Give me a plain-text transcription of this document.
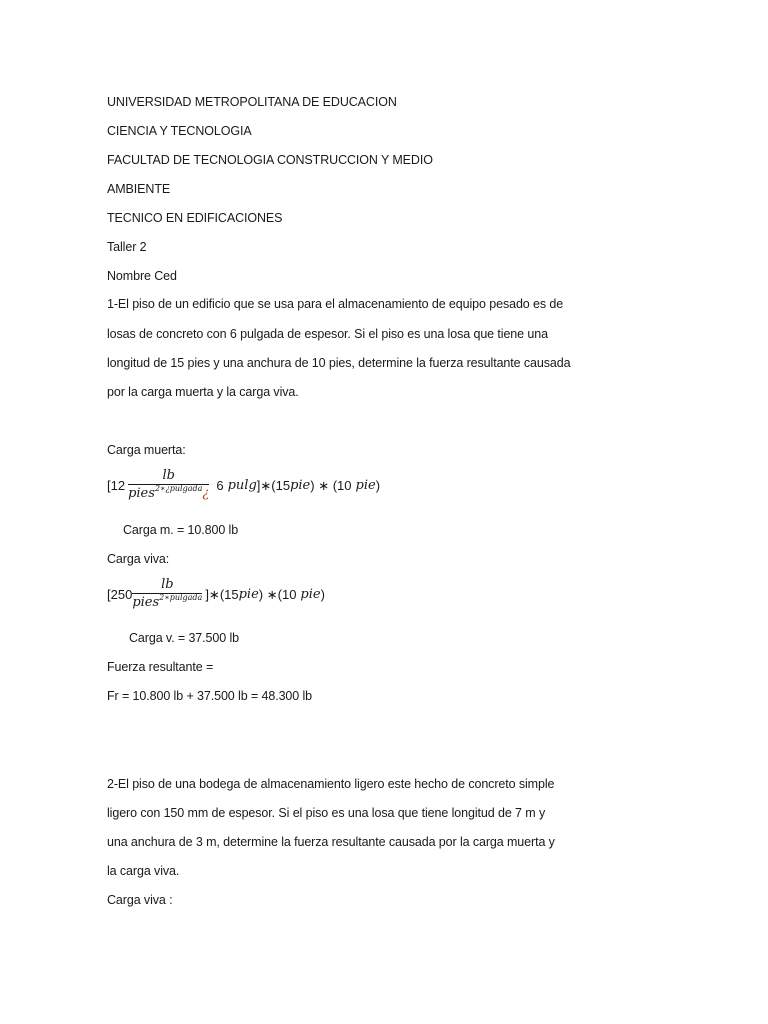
UNIVERSIDAD METROPOLITANA DE EDUCACION
CIENCIA Y TECNOLOGIA
FACULTAD DE TECNOLOGIA CONSTRUCCION Y MEDIO
AMBIENTE
TECNICO EN EDIFICACIONES
Taller 2
Nombre Ced
1-El piso de un edificio que se usa para el almacenamiento de equipo pesado es de
losas de concreto con 6 pulgada de espesor. Si el piso es una losa que tiene una
longitud de 15 pies y una anchura de 10 pies, determine la fuerza resultante causada
por la carga muerta y la carga viva.
Carga muerta:
[$12 \frac{lb}{pies^{2∗¿pulgada}¿} 6$ pulg ]∗(15 pie ) ∗ (10 pie )
Carga m. = 10.800 lb
Carga viva:
[$250 \frac{lb}{pies^{2∗pulgada}}$ ]∗(15 pie ) ∗(10 pie )
Carga v. = 37.500 lb
Fuerza resultante =
Fr = 10.800 lb + 37.500 lb = 48.300 lb
2-El piso de una bodega de almacenamiento ligero este hecho de concreto simple
ligero con 150 mm de espesor. Si el piso es una losa que tiene longitud de 7 m y
una anchura de 3 m, determine la fuerza resultante causada por la carga muerta y
la carga viva.
Carga viva :
